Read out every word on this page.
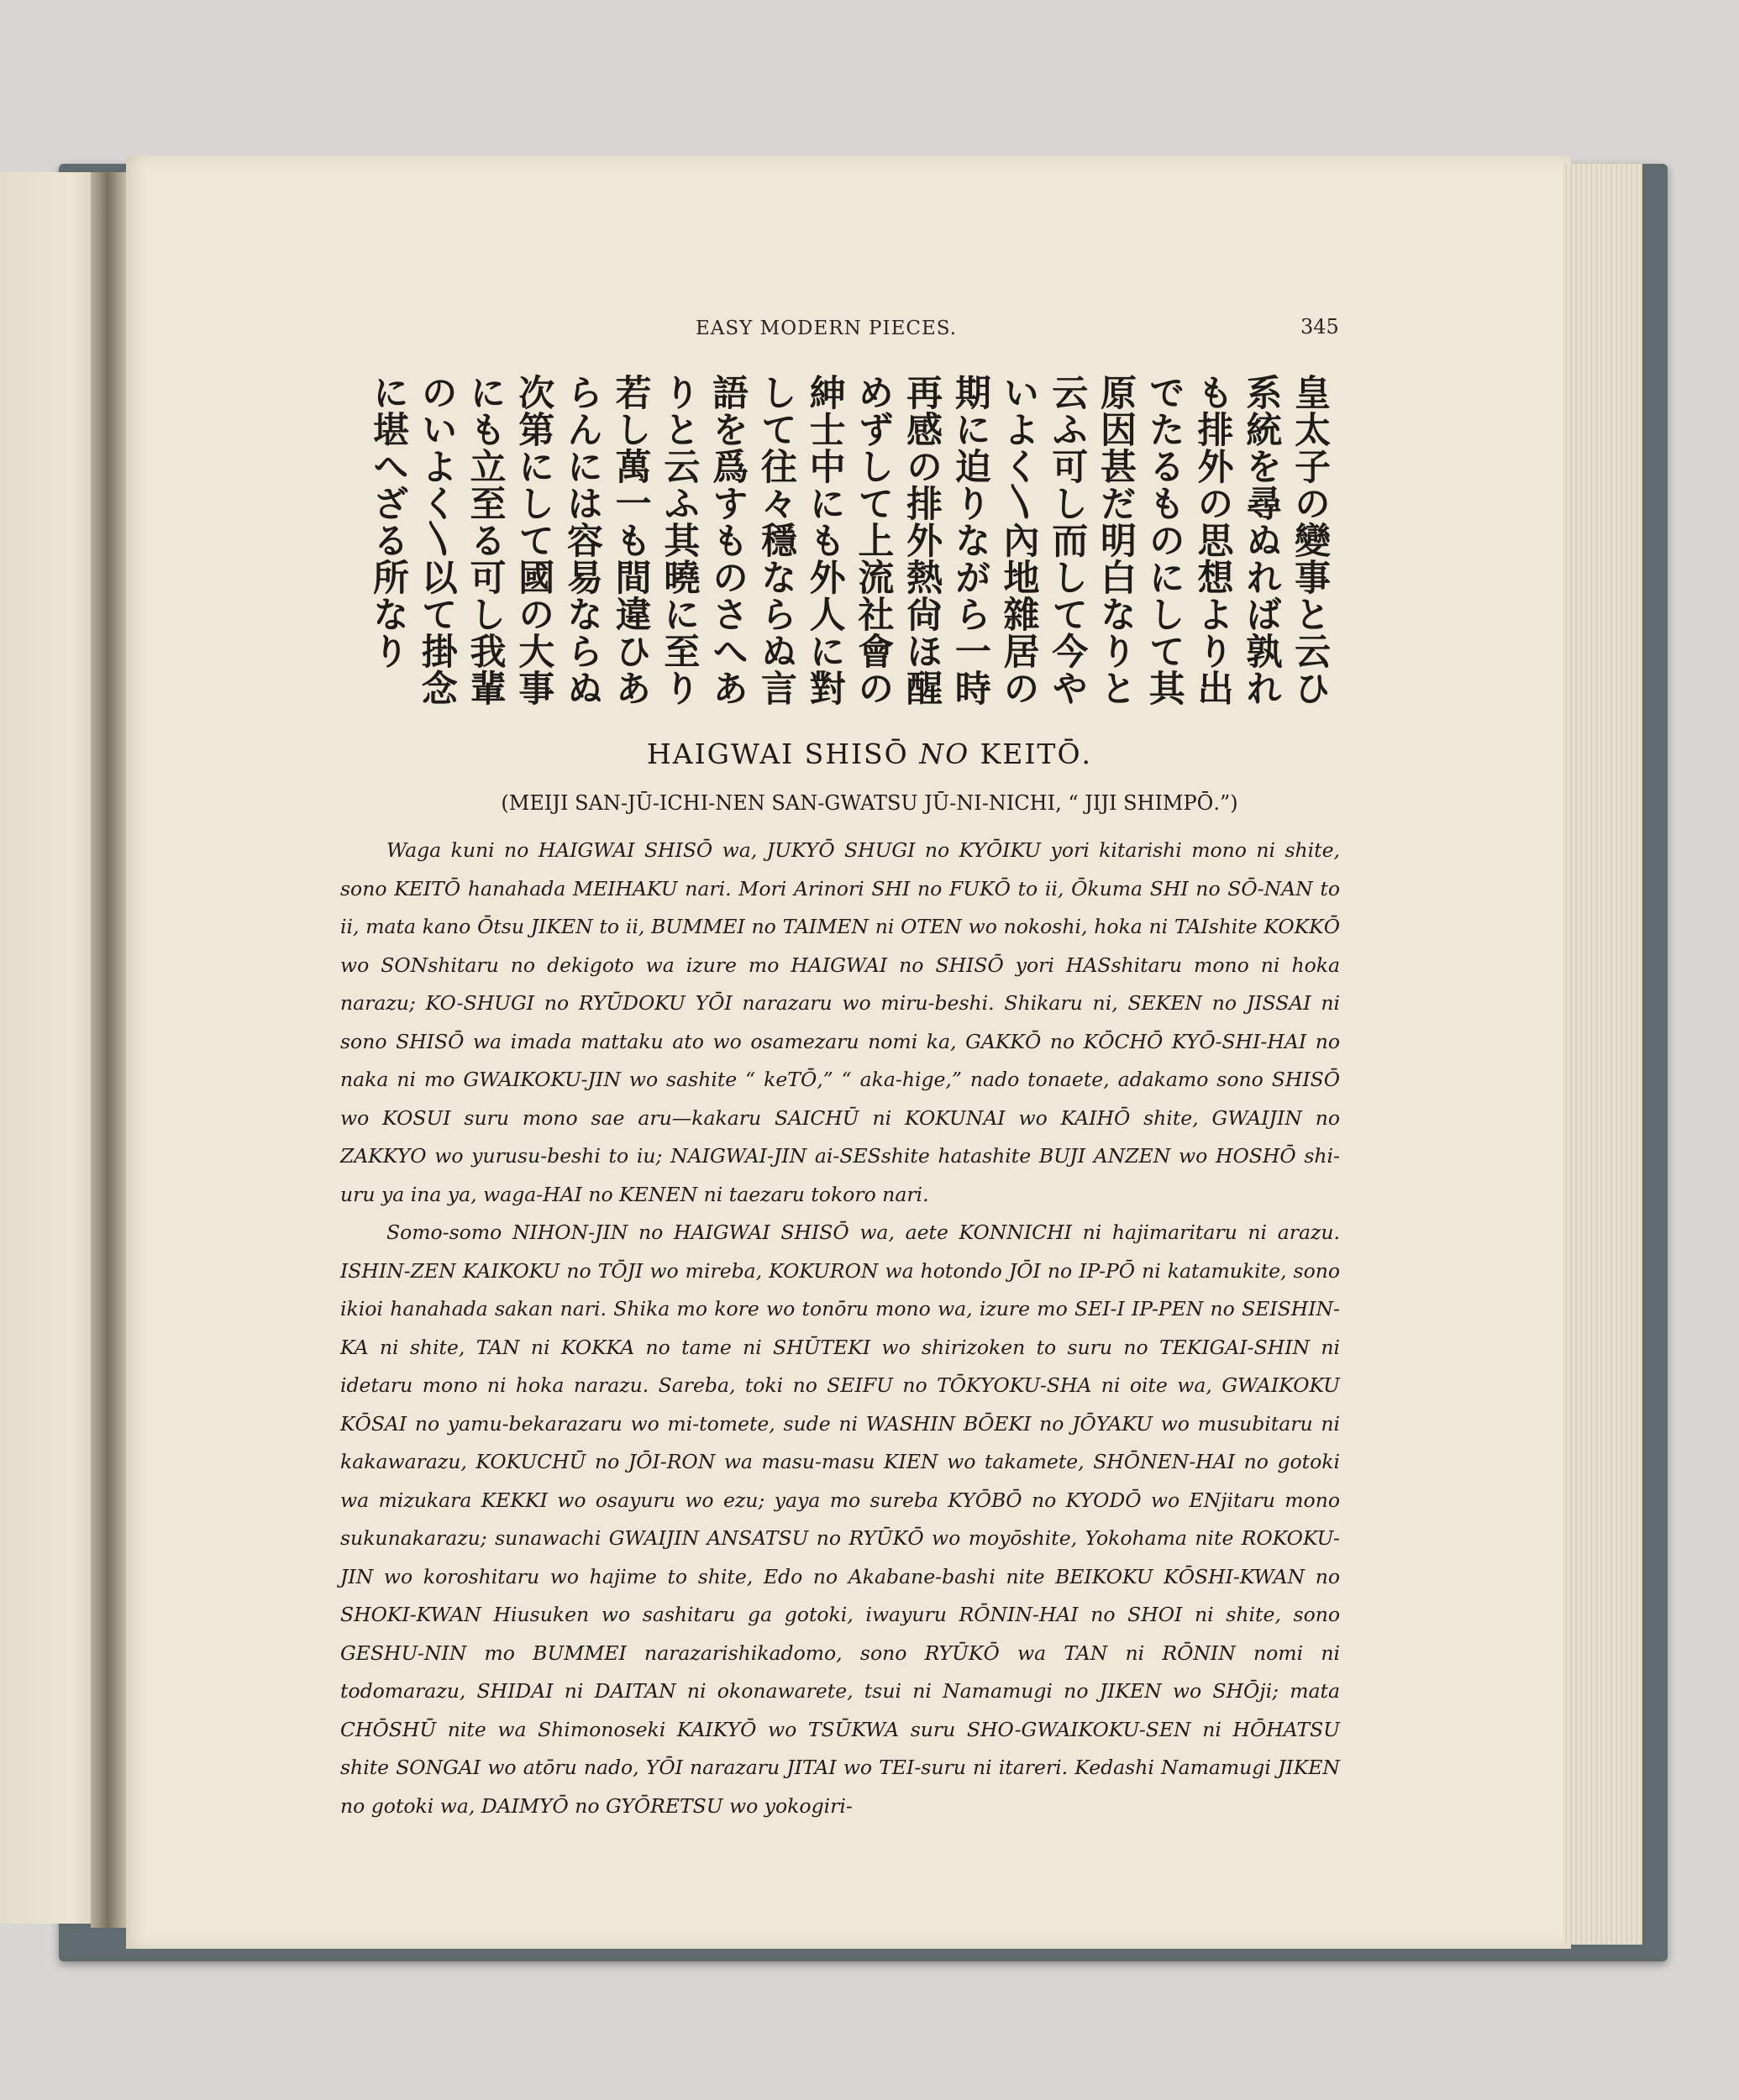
EASY MODERN PIECES.	345
皇太子の變事と云ひ
系統を尋ぬれば孰れ
も排外の思想より出
でたるものにして其
原因甚だ明白なりと
云ふ可し而して今や
いよく〵內地雜居の
期に迫りながら一時
再感の排外熱尙ほ醒
めずして上流社會の
紳士中にも外人に對
して往々穩ならぬ言
語を爲すものさへあ
りと云ふ其曉に至り
若し萬一も間違ひあ
らんには容易ならぬ
次第にして國の大事
にも立至る可し我輩
のいよく〵以て掛念
に堪へざる所なり
HAIGWAI SHISŌ NO KEITŌ.
(MEIJI SAN-JŪ-ICHI-NEN SAN-GWATSU JŪ-NI-NICHI, “ JIJI SHIMPŌ.”)

Waga kuni no HAIGWAI SHISŌ wa, JUKYŌ SHUGI no KYŌIKU yori kitarishi mono ni shite, sono KEITŌ hanahada MEIHAKU nari. Mori Arinori SHI no FUKŌ to ii, Ōkuma SHI no SŌ-NAN to ii, mata kano Ōtsu JIKEN to ii, BUMMEI no TAIMEN ni OTEN wo nokoshi, hoka ni TAIshite KOKKŌ wo SONshitaru no dekigoto wa izure mo HAIGWAI no SHISŌ yori HASshitaru mono ni hoka narazu; KO-SHUGI no RYŪDOKU YŌI narazaru wo miru-beshi. Shikaru ni, SEKEN no JISSAI ni sono SHISŌ wa imada mattaku ato wo osamezaru nomi ka, GAKKŌ no KŌCHŌ KYŌ-SHI-HAI no naka ni mo GWAIKOKU-JIN wo sashite “ keTŌ,” “ aka-hige,” nado tonaete, adakamo sono SHISŌ wo KOSUI suru mono sae aru—kakaru SAICHŪ ni KOKUNAI wo KAIHŌ shite, GWAIJIN no ZAKKYO wo yurusu-beshi to iu; NAIGWAI-JIN ai-SESshite hatashite BUJI ANZEN wo HOSHŌ shi-uru ya ina ya, waga-HAI no KENEN ni taezaru tokoro nari.

Somo-somo NIHON-JIN no HAIGWAI SHISŌ wa, aete KONNICHI ni hajimaritaru ni arazu. ISHIN-ZEN KAIKOKU no TŌJI wo mireba, KOKURON wa hotondo JŌI no IP-PŌ ni katamukite, sono ikioi hanahada sakan nari. Shika mo kore wo tonōru mono wa, izure mo SEI-I IP-PEN no SEISHIN-KA ni shite, TAN ni KOKKA no tame ni SHŪTEKI wo shirizoken to suru no TEKIGAI-SHIN ni idetaru mono ni hoka narazu. Sareba, toki no SEIFU no TŌKYOKU-SHA ni oite wa, GWAIKOKU KŌSAI no yamu-bekarazaru wo mi-tomete, sude ni WASHIN BŌEKI no JŌYAKU wo musubitaru ni kakawarazu, KOKUCHŪ no JŌI-RON wa masu-masu KIEN wo takamete, SHŌNEN-HAI no gotoki wa mizukara KEKKI wo osayuru wo ezu; yaya mo sureba KYŌBŌ no KYODŌ wo ENjitaru mono sukunakarazu; sunawachi GWAIJIN ANSATSU no RYŪKŌ wo moyōshite, Yokohama nite ROKOKU-JIN wo koroshitaru wo hajime to shite, Edo no Akabane-bashi nite BEIKOKU KŌSHI-KWAN no SHOKI-KWAN Hiusuken wo sashitaru ga gotoki, iwayuru RŌNIN-HAI no SHOI ni shite, sono GESHU-NIN mo BUMMEI narazarishikadomo, sono RYŪKŌ wa TAN ni RŌNIN nomi ni todomarazu, SHIDAI ni DAITAN ni okonawarete, tsui ni Namamugi no JIKEN wo SHŌji; mata CHŌSHŪ nite wa Shimonoseki KAIKYŌ wo TSŪKWA suru SHO-GWAIKOKU-SEN ni HŌHATSU shite SONGAI wo atōru nado, YŌI narazaru JITAI wo TEI-suru ni itareri. Kedashi Namamugi JIKEN no gotoki wa, DAIMYŌ no GYŌRETSU wo yokogiri-
